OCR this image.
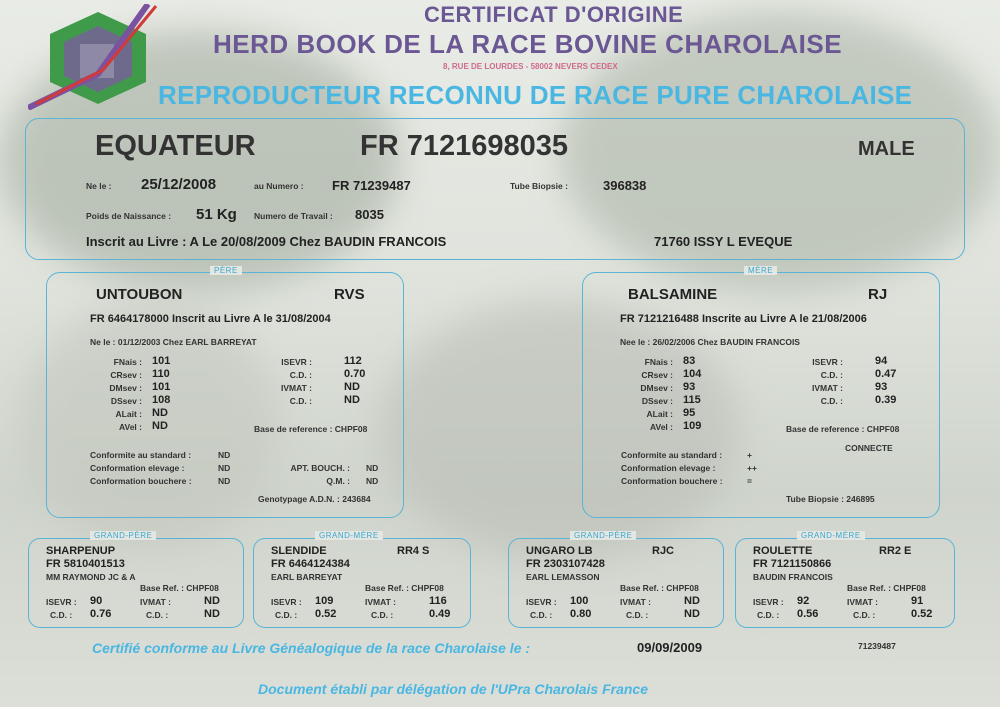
CERTIFICAT D'ORIGINE
HERD BOOK DE LA RACE BOVINE CHAROLAISE
8, RUE DE LOURDES - 58002 NEVERS CEDEX
REPRODUCTEUR RECONNU DE RACE PURE CHAROLAISE
EQUATEUR	FR 7121698035	MALE
Ne le : 25/12/2008	au Numero : FR 71239487	Tube Biopsie :	396838
Poids de Naissance : 51 Kg Numero de Travail : 8035
Inscrit au Livre : A Le 20/08/2009 Chez BAUDIN FRANCOIS	71760 ISSY L EVEQUE
PÈRE
UNTOUBON	RVS
FR 6464178000 Inscrit au Livre A le 31/08/2004
Ne le : 01/12/2003 Chez EARL BARREYAT
FNais : 101
CRsev : 110
DMsev : 101
DSsev : 108
ALait : ND
AVel : ND
ISEVR :	112
C.D. :	0.70
IVMAT :	ND
C.D. :	ND
Base de reference : CHPF08
Conformite au standard :	ND
Conformation elevage :	ND
Conformation bouchere :	ND
APT. BOUCH. : ND
Q.M. : ND
Genotypage A.D.N. : 243684
MÈRE
BALSAMINE	RJ
FR 7121216488 Inscrite au Livre A le 21/08/2006
Nee le : 26/02/2006 Chez BAUDIN FRANCOIS
FNais : 83
CRsev : 104
DMsev : 93
DSsev : 115
ALait : 95
AVel : 109
ISEVR :	94
C.D. :	0.47
IVMAT :	93
C.D. :	0.39
Base de reference : CHPF08
CONNECTE
Conformite au standard :	+
Conformation elevage :	++
Conformation bouchere :	=
Tube Biopsie : 246895
GRAND-PÈRE
SHARPENUP
FR 5810401513
MM RAYMOND JC & A
Base Ref. : CHPF08
ISEVR : 90	IVMAT :	ND
C.D. : 0.76	C.D. :	ND
GRAND-MÈRE
SLENDIDE	RR4 S
FR 6464124384
EARL BARREYAT
Base Ref. : CHPF08
ISEVR : 109	IVMAT :	116
C.D. : 0.52	C.D. :	0.49
GRAND-PÈRE
UNGARO LB	RJC
FR 2303107428
EARL LEMASSON
Base Ref. : CHPF08
ISEVR : 100	IVMAT :	ND
C.D. : 0.80	C.D. :	ND
GRAND-MÈRE
ROULETTE	RR2 E
FR 7121150866
BAUDIN FRANCOIS
Base Ref. : CHPF08
ISEVR : 92	IVMAT :	91
C.D. : 0.56	C.D. :	0.52
Certifié conforme au Livre Généalogique de la race Charolaise le :	09/09/2009	71239487
Document établi par délégation de l'UPra Charolais France
